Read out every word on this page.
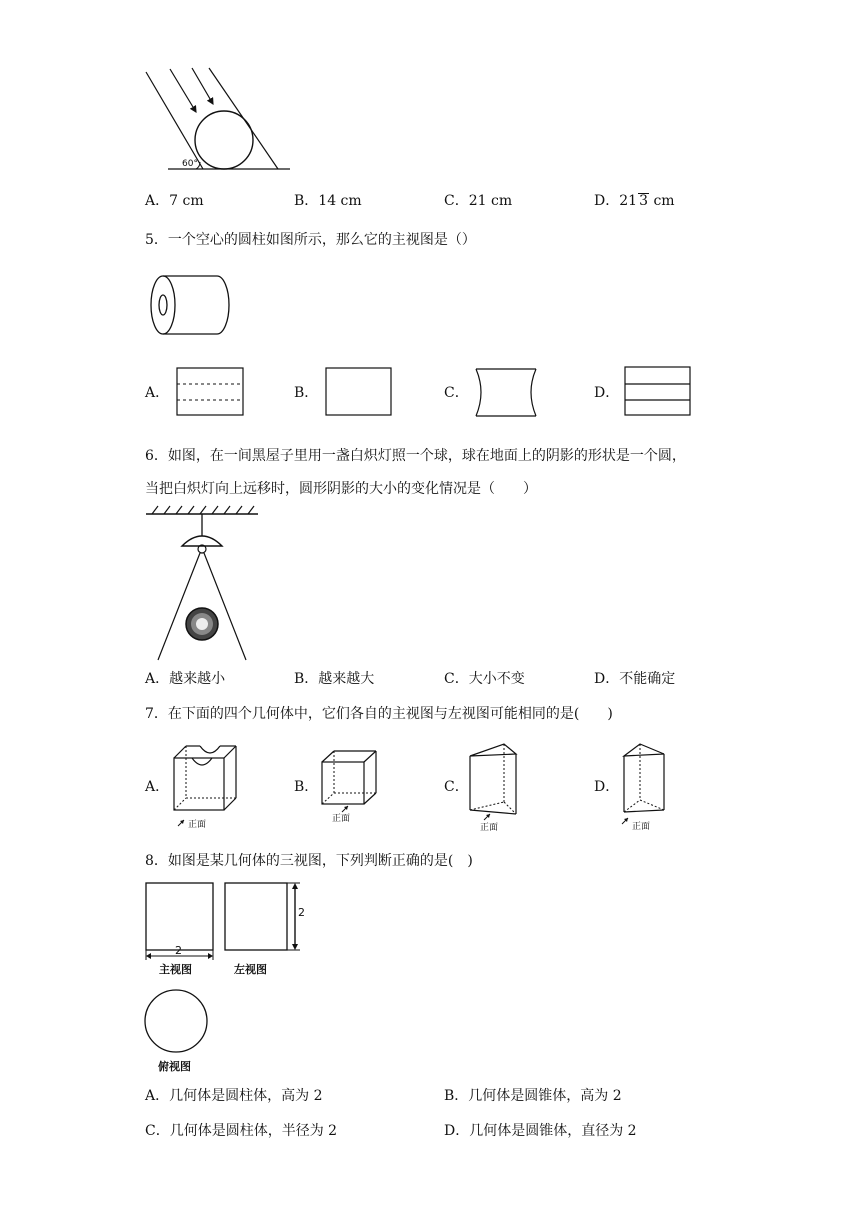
60°
A．7 cm	B．14 cm	C．21 cm	D．21 3 cm
5．一个空心的圆柱如图所示，那么它的主视图是（）
A．	B．	C．	D．
6．如图，在一间黑屋子里用一盏白炽灯照一个球，球在地面上的阴影的形状是一个圆，
当把白炽灯向上远移时，圆形阴影的大小的变化情况是（　　）
A．越来越小	B．越来越大	C．大小不变	D．不能确定
7．在下面的四个几何体中，它们各自的主视图与左视图可能相同的是(　　)
A．
正面
B．
正面
C．
正面
D．
正面
8．如图是某几何体的三视图，下列判断正确的是(　)
2
主视图
2
左视图
俯视图
A．几何体是圆柱体，高为 2	B．几何体是圆锥体，高为 2
C．几何体是圆柱体，半径为 2	D．几何体是圆锥体，直径为 2
